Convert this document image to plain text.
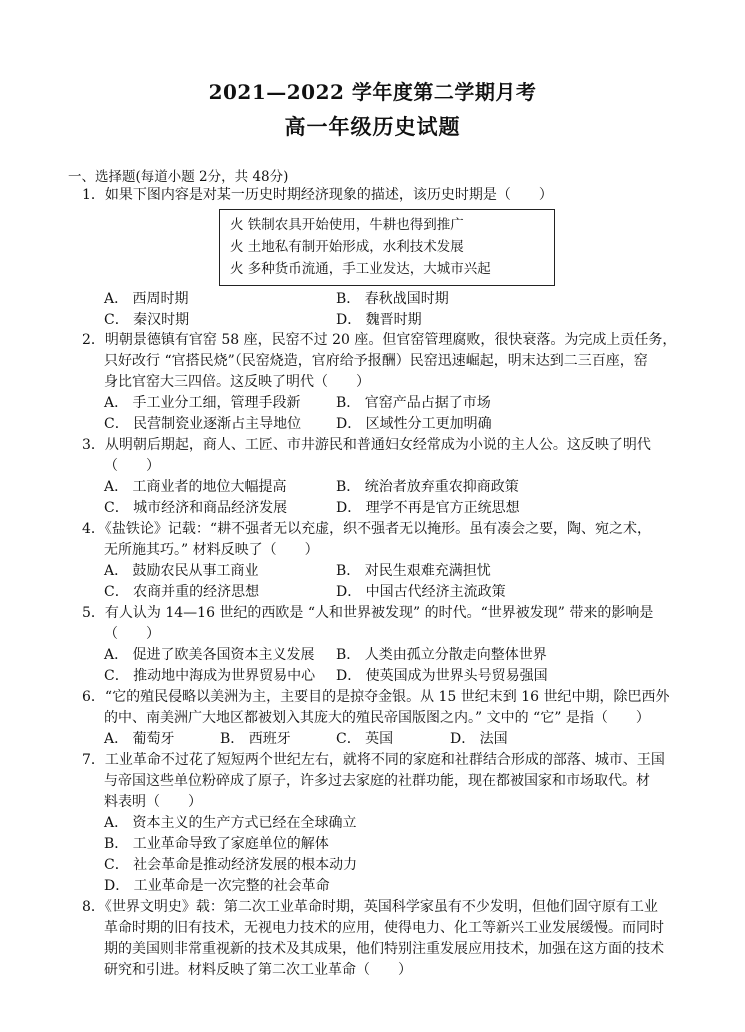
2021—2022 学年度第二学期月考
高一年级历史试题
一、选择题(每道小题 2分，共 48分)
1．如果下图内容是对某一历史时期经济现象的描述，该历史时期是（　　）
火 铁制农具开始使用，牛耕也得到推广
火 土地私有制开始形成，水利技术发展
火 多种货币流通，手工业发达，大城市兴起
A． 西周时期	B． 春秋战国时期
C． 秦汉时期	D． 魏晋时期
2．明朝景德镇有官窑 58 座，民窑不过 20 座。但官窑管理腐败，很快衰落。为完成上贡任务，
只好改行 “官搭民烧”（民窑烧造，官府给予报酬）民窑迅速崛起，明末达到二三百座，窑
身比官窑大三四倍。这反映了明代（　　）
A． 手工业分工细，管理手段新	B． 官窑产品占据了市场
C． 民营制瓷业逐渐占主导地位 D． 区域性分工更加明确
3．从明朝后期起，商人、工匠、市井游民和普通妇女经常成为小说的主人公。这反映了明代
（　　）
A． 工商业者的地位大幅提高	B． 统治者放弃重农抑商政策
C． 城市经济和商品经济发展	D． 理学不再是官方正统思想
4．《盐铁论》记载：“耕不强者无以充虚，织不强者无以掩形。虽有凑会之要，陶、宛之术，
无所施其巧。” 材料反映了（　　）
A． 鼓励农民从事工商业	B． 对民生艰难充满担忧
C． 农商并重的经济思想	D． 中国古代经济主流政策
5．有人认为 14—16 世纪的西欧是 “人和世界被发现” 的时代。“世界被发现” 带来的影响是
（　　）
A． 促进了欧美各国资本主义发展 B． 人类由孤立分散走向整体世界
C． 推动地中海成为世界贸易中心 D． 使英国成为世界头号贸易强国
6．“它的殖民侵略以美洲为主，主要目的是掠夺金银。从 15 世纪末到 16 世纪中期，除巴西外
的中、南美洲广大地区都被划入其庞大的殖民帝国版图之内。” 文中的 “它” 是指（　　）
A． 葡萄牙	B． 西班牙	C． 英国	D． 法国
7．工业革命不过花了短短两个世纪左右，就将不同的家庭和社群结合形成的部落、城市、王国
与帝国这些单位粉碎成了原子，许多过去家庭的社群功能，现在都被国家和市场取代。材
料表明（　　）
A． 资本主义的生产方式已经在全球确立
B． 工业革命导致了家庭单位的解体
C． 社会革命是推动经济发展的根本动力
D． 工业革命是一次完整的社会革命
8．《世界文明史》载：第二次工业革命时期，英国科学家虽有不少发明，但他们固守原有工业
革命时期的旧有技术，无视电力技术的应用，使得电力、化工等新兴工业发展缓慢。而同时
期的美国则非常重视新的技术及其成果，他们特别注重发展应用技术，加强在这方面的技术
研究和引进。材料反映了第二次工业革命（　　）
